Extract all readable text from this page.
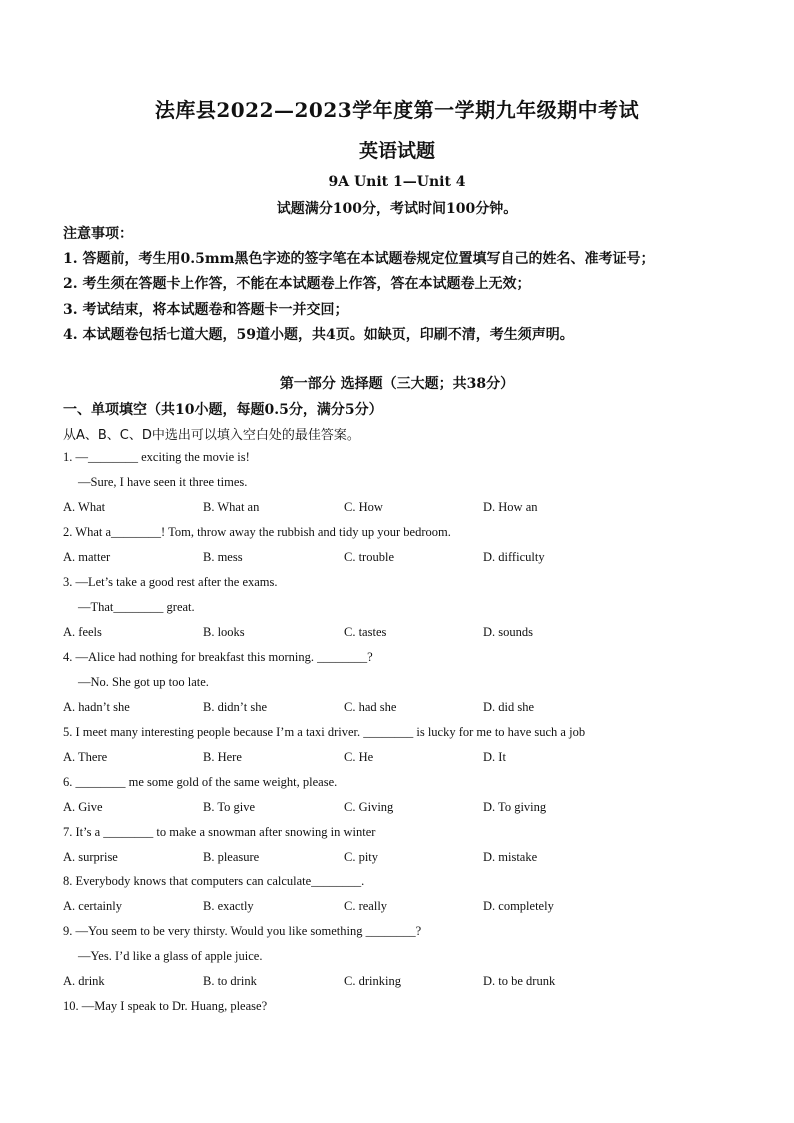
法库县2022—2023学年度第一学期九年级期中考试
英语试题
9A Unit 1—Unit 4
试题满分100分，考试时间100分钟。
注意事项：
1. 答题前，考生用0.5mm黑色字迹的签字笔在本试题卷规定位置填写自己的姓名、准考证号；
2. 考生须在答题卡上作答，不能在本试题卷上作答，答在本试题卷上无效；
3. 考试结束，将本试题卷和答题卡一并交回；
4. 本试题卷包括七道大题，59道小题，共4页。如缺页，印刷不清，考生须声明。
第一部分 选择题（三大题；共38分）
一、单项填空（共10小题，每题0.5分，满分5分）
从A、B、C、D中选出可以填入空白处的最佳答案。
1. —________ exciting the movie is!
—Sure, I have seen it three times.
A. What	B. What an	C. How	D. How an
2. What a________! Tom, throw away the rubbish and tidy up your bedroom.
A. matter	B. mess	C. trouble	D. difficulty
3. —Let’s take a good rest after the exams.
—That________ great.
A. feels	B. looks	C. tastes	D. sounds
4. —Alice had nothing for breakfast this morning. ________?
—No. She got up too late.
A. hadn’t she	B. didn’t she	C. had she	D. did she
5. I meet many interesting people because I’m a taxi driver. ________ is lucky for me to have such a job
A. There	B. Here	C. He	D. It
6. ________ me some gold of the same weight, please.
A. Give	B. To give	C. Giving	D. To giving
7. It’s a ________ to make a snowman after snowing in winter
A. surprise	B. pleasure	C. pity	D. mistake
8. Everybody knows that computers can calculate________.
A. certainly	B. exactly	C. really	D. completely
9. —You seem to be very thirsty. Would you like something ________?
—Yes. I’d like a glass of apple juice.
A. drink	B. to drink	C. drinking	D. to be drunk
10. —May I speak to Dr. Huang, please?
